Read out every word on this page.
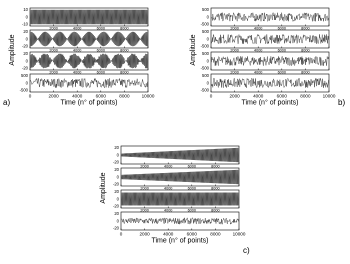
10
0
-10
2000	4000	6000	8000
20
0
-20
2000	4000	6000	8000
20
0
-20
2000	4000	6000	8000
500
0
-500
0	2000	4000	6000	8000	10000
Time (n° of points)
Amplitude
a)
500
0
-500
2000	4000	6000	8000
500
0
-500
2000	4000	6000	8000
500
0
-500
2000	4000	6000	8000
500
0
-500
0	2000	4000	6000	8000	10000
Time (n° of points)
Amplitude
b)
20
0
-20
2000	4000	6000	8000
20
0
-20
2000	4000	6000	8000
20
0
-20
2000	4000	6000	8000
20
0
-20
0	2000	4000	6000	8000	10000
Time (n° of points)
Amplitude
c)
